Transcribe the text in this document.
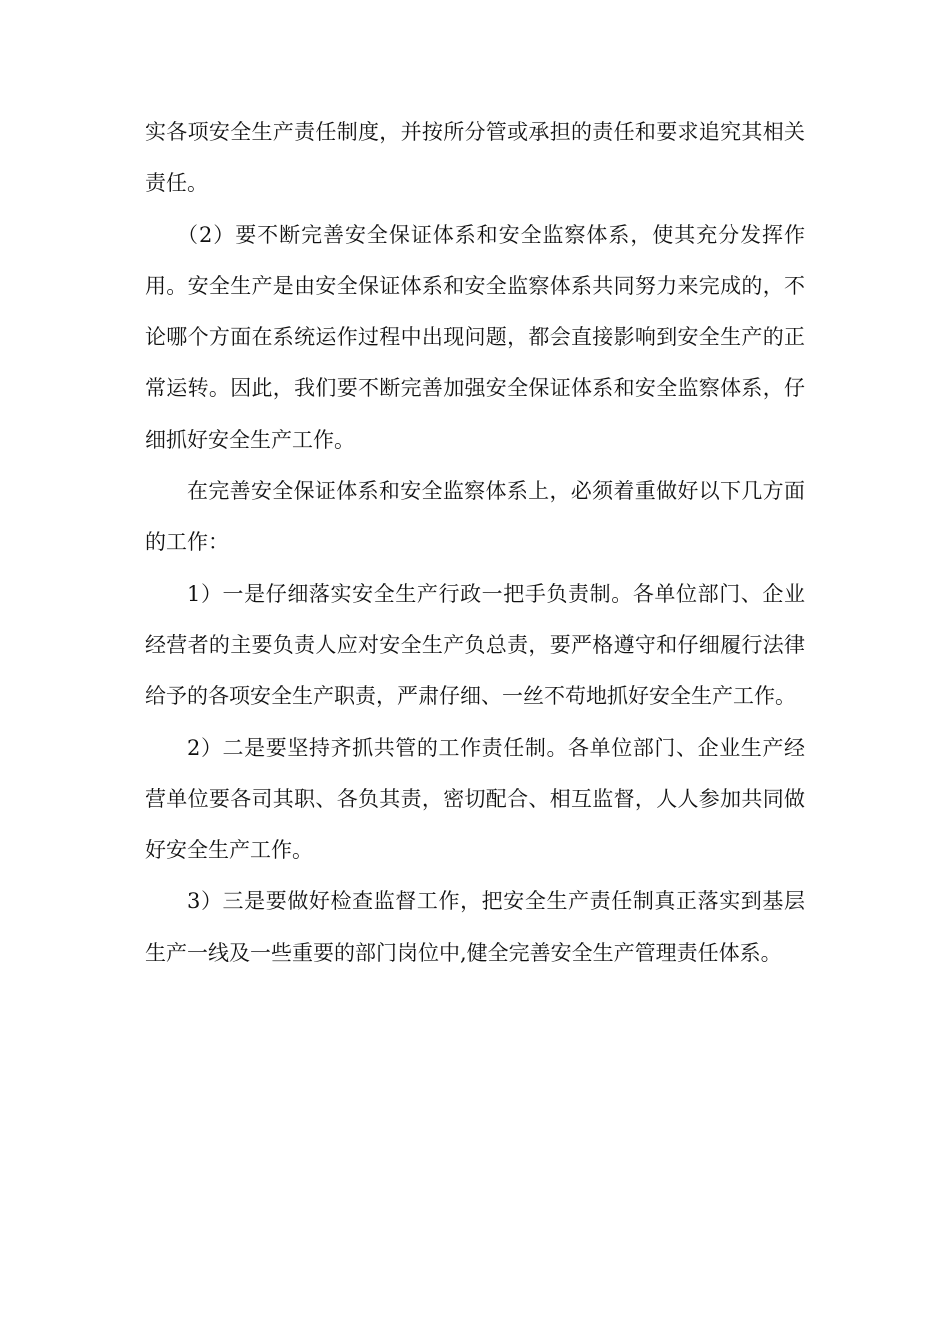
实各项安全生产责任制度，并按所分管或承担的责任和要求追究其相关责任。

（2）要不断完善安全保证体系和安全监察体系，使其充分发挥作用。安全生产是由安全保证体系和安全监察体系共同努力来完成的，不论哪个方面在系统运作过程中出现问题，都会直接影响到安全生产的正常运转。因此，我们要不断完善加强安全保证体系和安全监察体系，仔细抓好安全生产工作。

在完善安全保证体系和安全监察体系上，必须着重做好以下几方面的工作：

1）一是仔细落实安全生产行政一把手负责制。各单位部门、企业经营者的主要负责人应对安全生产负总责，要严格遵守和仔细履行法律给予的各项安全生产职责，严肃仔细、一丝不苟地抓好安全生产工作。

2）二是要坚持齐抓共管的工作责任制。各单位部门、企业生产经营单位要各司其职、各负其责，密切配合、相互监督，人人参加共同做好安全生产工作。

3）三是要做好检查监督工作，把安全生产责任制真正落实到基层生产一线及一些重要的部门岗位中,健全完善安全生产管理责任体系。
